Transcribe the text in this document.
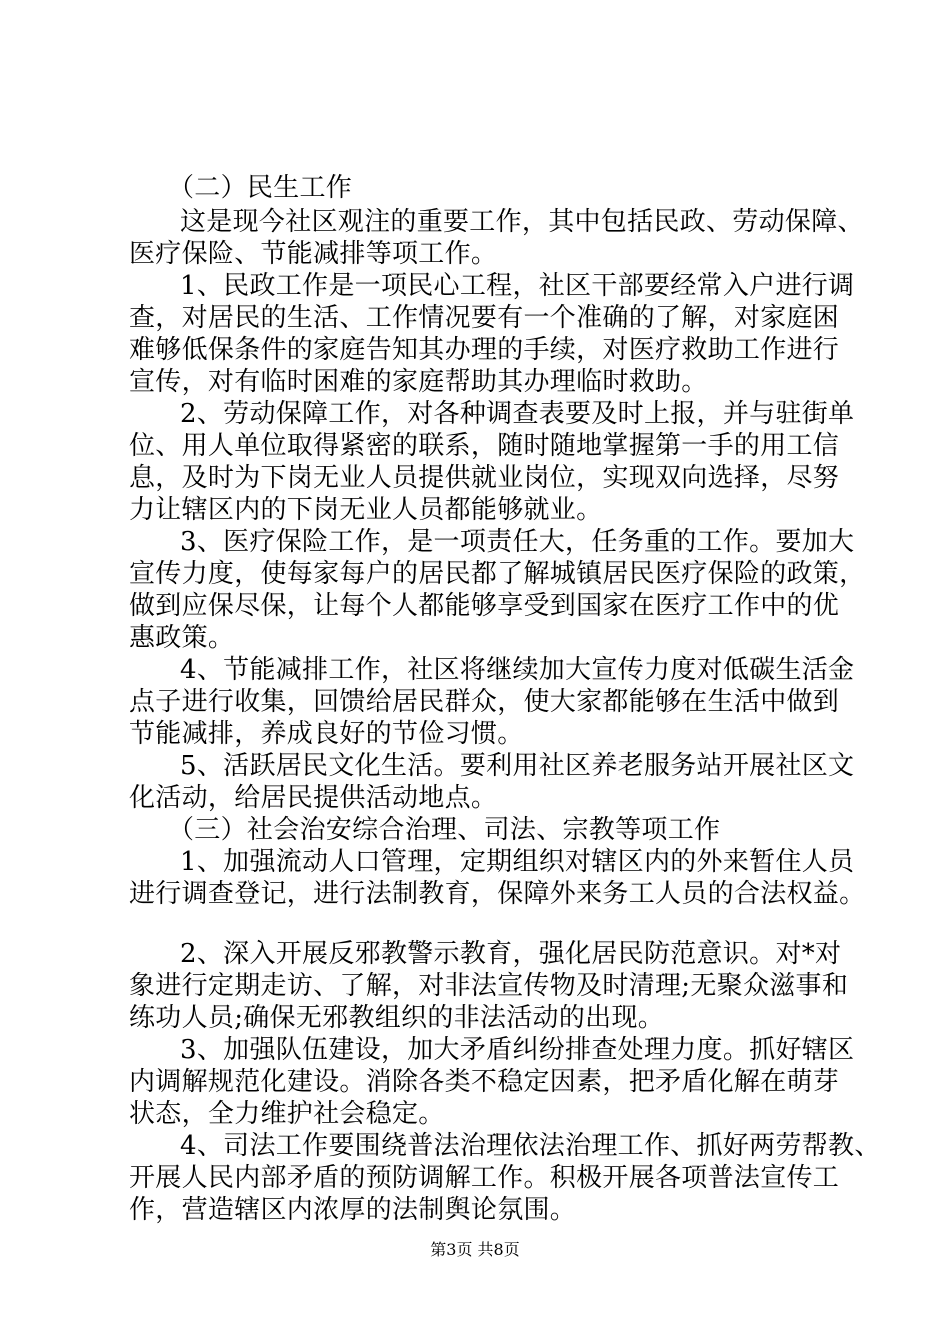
（二）民生工作
这是现今社区观注的重要工作，其中包括民政、劳动保障、
医疗保险、节能减排等项工作。
1、民政工作是一项民心工程，社区干部要经常入户进行调
查，对居民的生活、工作情况要有一个准确的了解，对家庭困
难够低保条件的家庭告知其办理的手续，对医疗救助工作进行
宣传，对有临时困难的家庭帮助其办理临时救助。
2、劳动保障工作，对各种调查表要及时上报，并与驻街单
位、用人单位取得紧密的联系，随时随地掌握第一手的用工信
息，及时为下岗无业人员提供就业岗位，实现双向选择，尽努
力让辖区内的下岗无业人员都能够就业。
3、医疗保险工作，是一项责任大，任务重的工作。要加大
宣传力度，使每家每户的居民都了解城镇居民医疗保险的政策，
做到应保尽保，让每个人都能够享受到国家在医疗工作中的优
惠政策。
4、节能减排工作，社区将继续加大宣传力度对低碳生活金
点子进行收集，回馈给居民群众，使大家都能够在生活中做到
节能减排，养成良好的节俭习惯。
5、活跃居民文化生活。要利用社区养老服务站开展社区文
化活动，给居民提供活动地点。
（三）社会治安综合治理、司法、宗教等项工作
1、加强流动人口管理，定期组织对辖区内的外来暂住人员
进行调查登记，进行法制教育，保障外来务工人员的合法权益。
2、深入开展反邪教警示教育，强化居民防范意识。对*对
象进行定期走访、了解，对非法宣传物及时清理;无聚众滋事和
练功人员;确保无邪教组织的非法活动的出现。
3、加强队伍建设，加大矛盾纠纷排查处理力度。抓好辖区
内调解规范化建设。消除各类不稳定因素，把矛盾化解在萌芽
状态，全力维护社会稳定。
4、司法工作要围绕普法治理依法治理工作、抓好两劳帮教、
开展人民内部矛盾的预防调解工作。积极开展各项普法宣传工
作，营造辖区内浓厚的法制舆论氛围。
第3页 共8页
